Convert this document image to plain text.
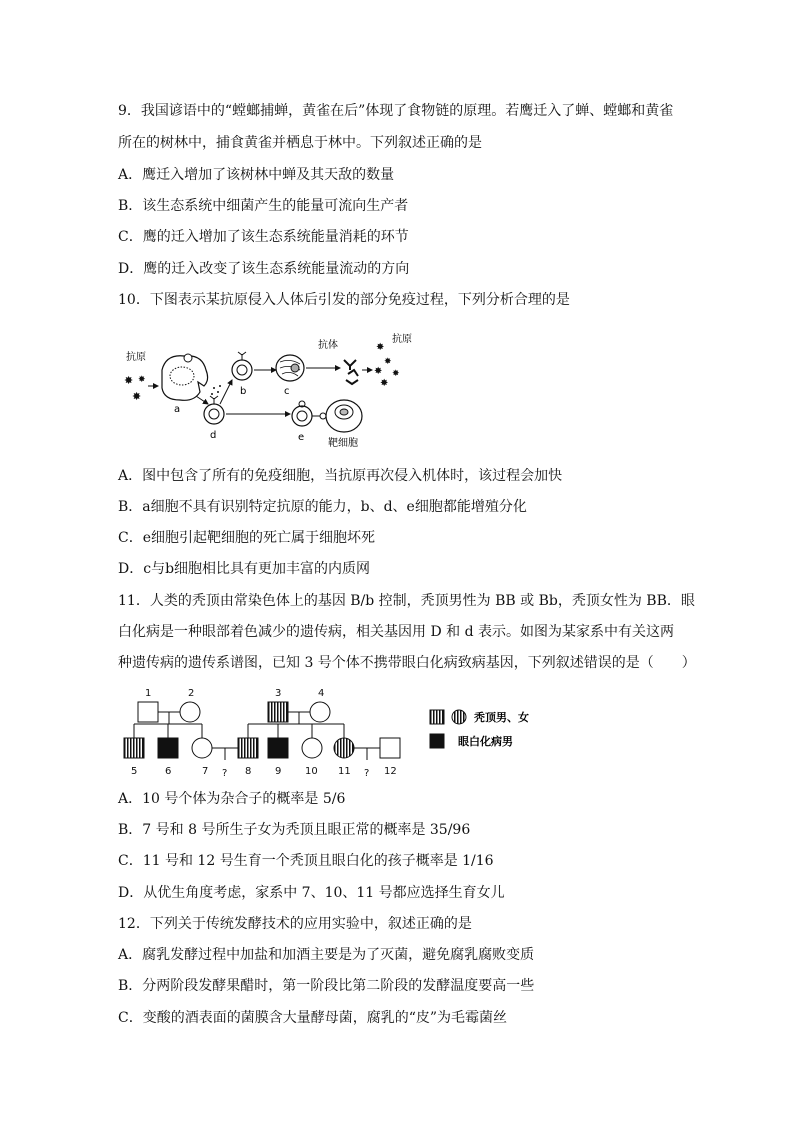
9．我国谚语中的“螳螂捕蝉，黄雀在后”体现了食物链的原理。若鹰迁入了蝉、螳螂和黄雀
所在的树林中，捕食黄雀并栖息于林中。下列叙述正确的是
A．鹰迁入增加了该树林中蝉及其天敌的数量
B．该生态系统中细菌产生的能量可流向生产者
C．鹰的迁入增加了该生态系统能量消耗的环节
D．鹰的迁入改变了该生态系统能量流动的方向
10．下图表示某抗原侵入人体后引发的部分免疫过程，下列分析合理的是
抗原
✸
✸
✸
a
b	c
抗体
抗原
✸
✸
✸
✸
✸
d	e
靶细胞
A．图中包含了所有的免疫细胞，当抗原再次侵入机体时，该过程会加快
B．a细胞不具有识别特定抗原的能力，b、d、e细胞都能增殖分化
C．e细胞引起靶细胞的死亡属于细胞坏死
D．c与b细胞相比具有更加丰富的内质网
11．人类的秃顶由常染色体上的基因 B/b 控制，秃顶男性为 BB 或 Bb，秃顶女性为 BB．眼
白化病是一种眼部着色减少的遗传病，相关基因用 D 和 d 表示。如图为某家系中有关这两
种遗传病的遗传系谱图，已知 3 号个体不携带眼白化病致病基因，下列叙述错误的是（　　）
1	2	3	4
5	6	7 ? 8 9 10 11 ? 12
秃顶男、女
眼白化病男
A．10 号个体为杂合子的概率是 5/6
B．7 号和 8 号所生子女为秃顶且眼正常的概率是 35/96
C．11 号和 12 号生育一个秃顶且眼白化的孩子概率是 1/16
D．从优生角度考虑，家系中 7、10、11 号都应选择生育女儿
12．下列关于传统发酵技术的应用实验中，叙述正确的是
A．腐乳发酵过程中加盐和加酒主要是为了灭菌，避免腐乳腐败变质
B．分两阶段发酵果醋时，第一阶段比第二阶段的发酵温度要高一些
C．变酸的酒表面的菌膜含大量酵母菌，腐乳的“皮”为毛霉菌丝
